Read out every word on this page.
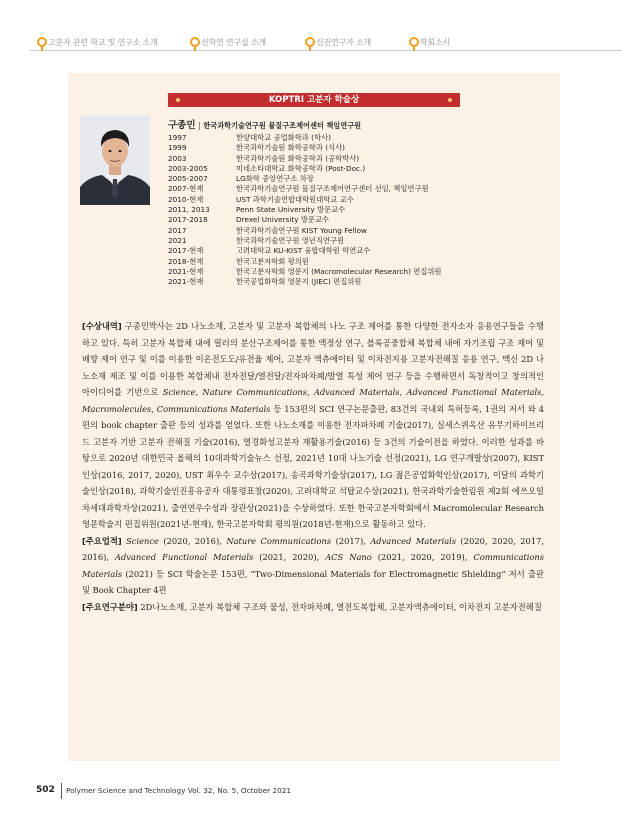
고분자 관련 학교 및 연구소 소개	신학연 연구실 소개	신진연구자 소개	학회소식
KOPTRI 고분자 학술상
구종민 | 한국과학기술연구원 물질구조제어센터 책임연구원
1997	한양대학교 공업화학과 (학사)
1999	한국과학기술원 화학공학과 (석사)
2003	한국과학기술원 화학공학과 (공학박사)
2003-2005	미네소타대학교 화학공학과 (Post-Doc.)
2005-2007	LG화학 중앙연구소 차장
2007-현재	한국과학기술연구원 물질구조제어연구센터 선임, 책임연구원
2010-현재	UST 과학기술연합대학원대학교 교수
2011, 2013	Penn State University 방문교수
2017-2018	Drexel University 방문교수
2017	한국과학기술연구원 KIST Young Fellow
2021	한국과학기술연구원 영년직연구원
2017-현재	고려대학교 KU-KIST 융합대학원 학연교수
2018-현재	한국고분자학회 평의원
2021-현재	한국고분자학회 영문지 (Macromolecular Research) 편집위원
2021-현재	한국공업화학회 영문지 (JIEC) 편집위원

[수상내역] 구종민박사는 2D 나노소재, 고분자 및 고분자 복합체의 나노 구조 제어를 통한 다양한 전자소자 응용연구들을 수행하고 있다. 특히 고분자 복합체 내에 필러의 분산구조제어를 통한 액정상 연구, 블록공중합체 복합체 내에 자기조립 구조 제어 및 배향 제어 연구 및 이를 이용한 이온전도도/유전율 제어, 고분자 액츄에이터 및 이차전지용 고분자전해질 응용 연구, 맥신 2D 나노소재 제조 및 이를 이용한 복합체내 전자전달/열전달/전자파차폐/발열 특성 제어 연구 등을 수행하면서 독창적이고 창의적인 아이디어를 기반으로 Science, Nature Communications, Advanced Materials, Advanced Functional Materials, Macromolecules, Communications Materials 등 153편의 SCI 연구논문출판, 83건의 국내외 특허등록, 1권의 저서 와 4편의 book chapter 출판 등의 성과를 얻었다. 또한 나노소재를 이용한 전자파차폐 기술(2017), 실세스퀴옥산 유무기하이브리드 고분자 기반 고분자 전해질 기술(2016), 열경화성고분자 재활용기술(2016) 등 3건의 기술이전을 하였다. 이러한 성과를 바탕으로 2020년 대한민국 올해의 10대과학기술뉴스 선정, 2021년 10대 나노기술 선정(2021), LG 연구개발상(2007), KIST인상(2016, 2017, 2020), UST 최우수 교수상(2017), 송곡과학기술상(2017), LG 젊은공업화학인상(2017), 이달의 과학기술인상(2018), 과학기술인진흥유공자 대통령표창(2020), 고려대학교 석탑교수상(2021), 한국과학기술한림원 제2회 에쓰오일 차세대과학자상(2021), 출연연우수성과 장관상(2021)을 수상하였다. 또한 한국고분자학회에서 Macromolecular Research 영문학술지 편집위원(2021년-현재), 한국고분자학회 평의원(2018년-현재)으로 활동하고 있다.

[주요업적] Science (2020, 2016), Nature Communications (2017), Advanced Materials (2020, 2020, 2017, 2016), Advanced Functional Materials (2021, 2020), ACS Nano (2021, 2020, 2019), Communications Materials (2021) 등 SCI 학술논문 153편, “Two-Dimensional Materials for Electromagnetic Shielding” 저서 출판 및 Book Chapter 4편

[주요연구분야] 2D나노소재, 고분자 복합체 구조와 물성, 전자파차폐, 열전도복합체, 고분자액츄에이터, 이차전지 고분자전해질

502 Polymer Science and Technology Vol. 32, No. 5, October 2021
